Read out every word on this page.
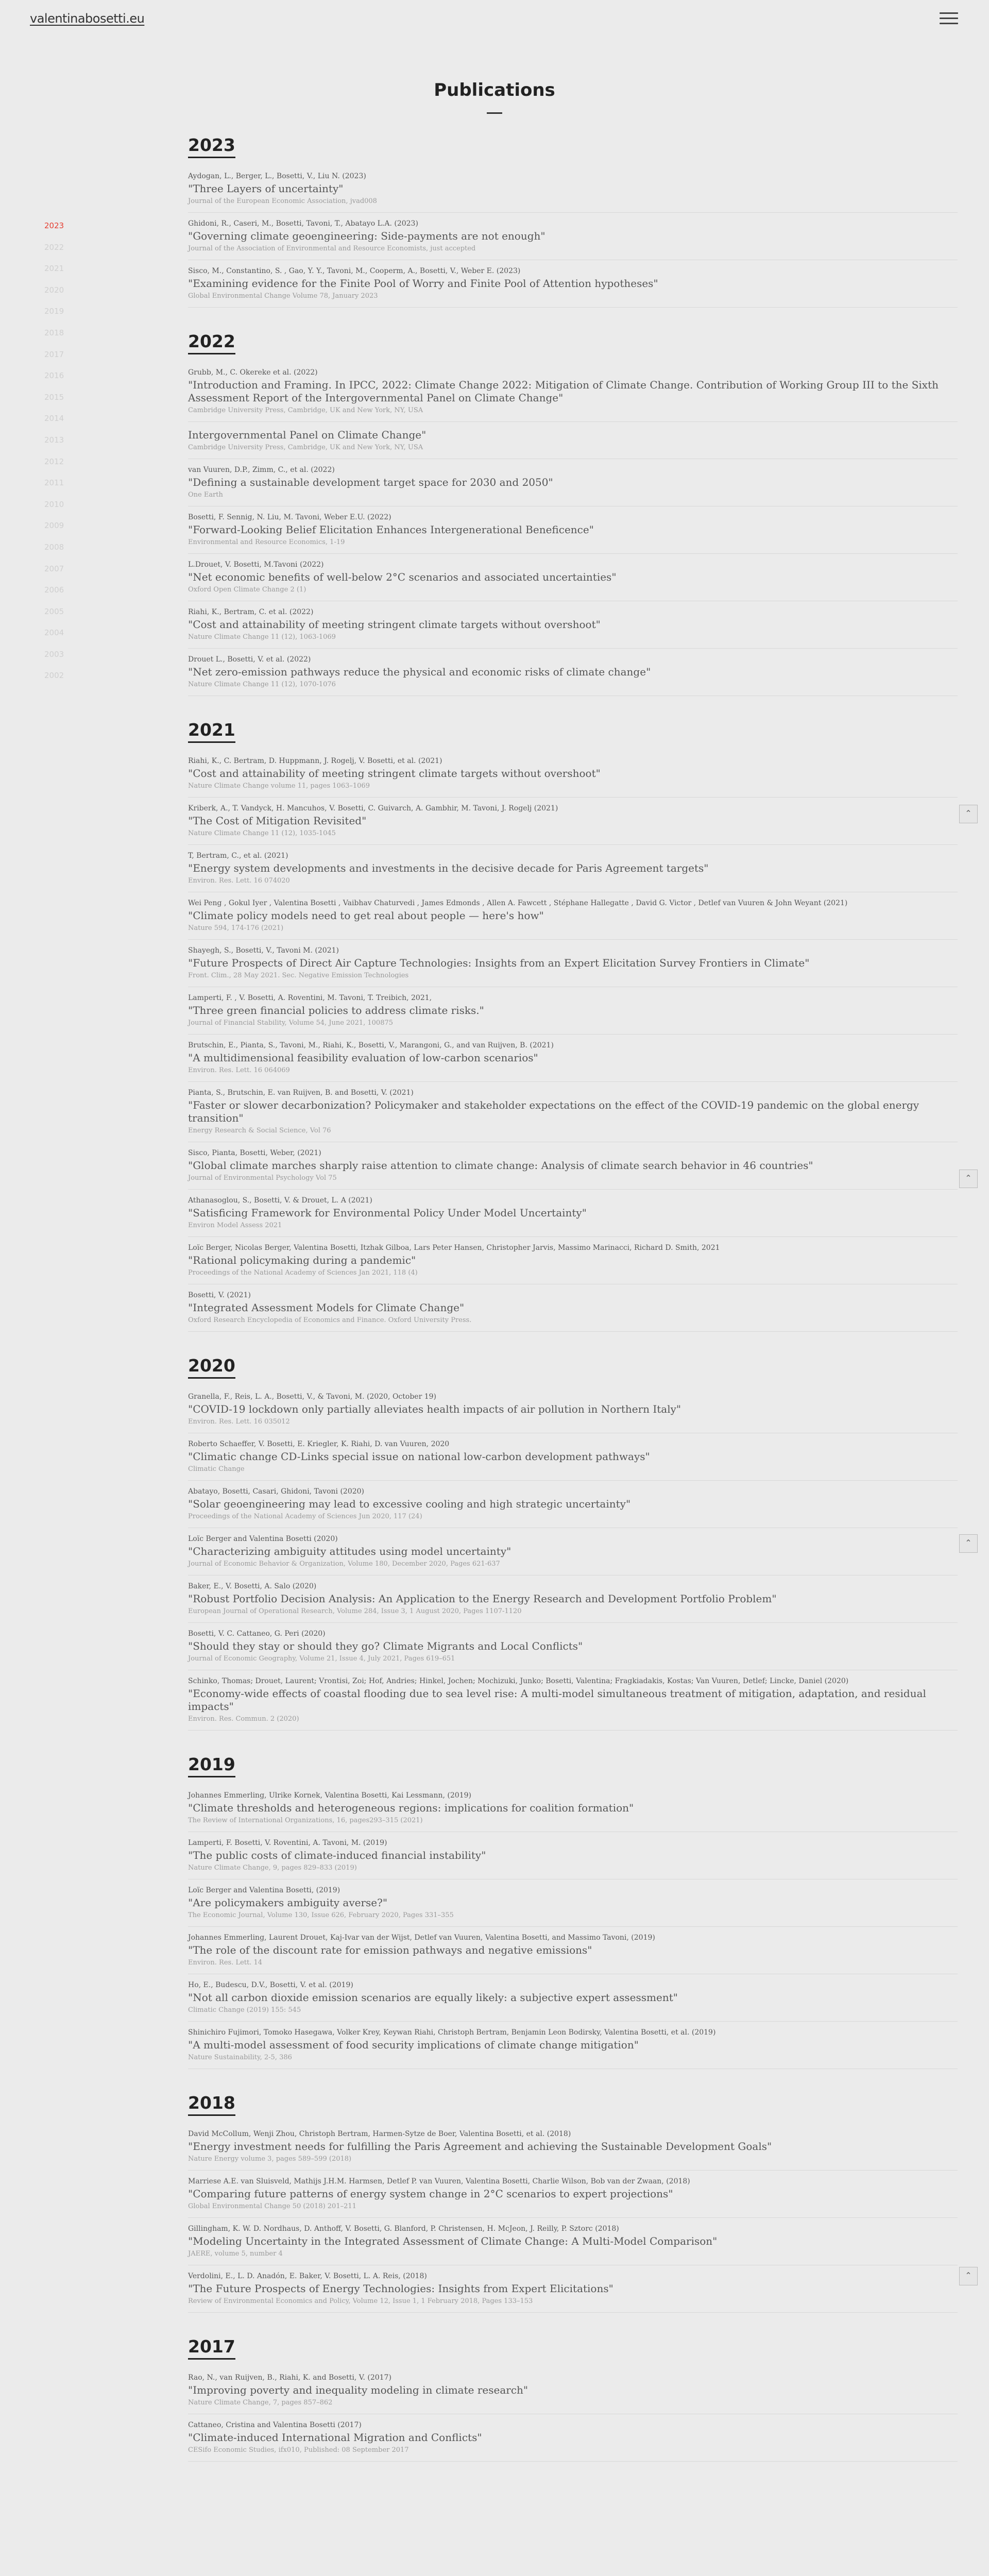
valentinabosetti.eu
Publications
2023
2022
2021
2020
2019
2018
2017
2016
2015
2014
2013
2012
2011
2010
2009
2008
2007
2006
2005
2004
2003
2002
2023
Aydogan, L., Berger, L., Bosetti, V., Liu N. (2023)
"Three Layers of uncertainty"
Journal of the European Economic Association, jvad008
Ghidoni, R., Caseri, M., Bosetti, Tavoni, T., Abatayo L.A. (2023)
"Governing climate geoengineering: Side-payments are not enough"
Journal of the Association of Environmental and Resource Economists, just accepted
Sisco, M., Constantino, S. , Gao, Y. Y., Tavoni, M., Cooperm, A., Bosetti, V., Weber E. (2023)
"Examining evidence for the Finite Pool of Worry and Finite Pool of Attention hypotheses"
Global Environmental Change Volume 78, January 2023
2022
Grubb, M., C. Okereke et al. (2022)
"Introduction and Framing. In IPCC, 2022: Climate Change 2022: Mitigation of Climate Change. Contribution of Working Group III to the Sixth Assessment Report of the Intergovernmental Panel on Climate Change"
Cambridge University Press, Cambridge, UK and New York, NY, USA
Intergovernmental Panel on Climate Change"
Cambridge University Press, Cambridge, UK and New York, NY, USA
van Vuuren, D.P., Zimm, C., et al. (2022)
"Defining a sustainable development target space for 2030 and 2050"
One Earth
Bosetti, F. Sennig, N. Liu, M. Tavoni, Weber E.U. (2022)
"Forward-Looking Belief Elicitation Enhances Intergenerational Beneficence"
Environmental and Resource Economics, 1-19
L.Drouet, V. Bosetti, M.Tavoni (2022)
"Net economic benefits of well-below 2°C scenarios and associated uncertainties"
Oxford Open Climate Change 2 (1)
Riahi, K., Bertram, C. et al. (2022)
"Cost and attainability of meeting stringent climate targets without overshoot"
Nature Climate Change 11 (12), 1063-1069
Drouet L., Bosetti, V. et al. (2022)
"Net zero-emission pathways reduce the physical and economic risks of climate change"
Nature Climate Change 11 (12), 1070-1076
2021
Riahi, K., C. Bertram, D. Huppmann, J. Rogelj, V. Bosetti, et al. (2021)
"Cost and attainability of meeting stringent climate targets without overshoot"
Nature Climate Change volume 11, pages 1063–1069
Kriberk, A., T. Vandyck, H. Mancuhos, V. Bosetti, C. Guivarch, A. Gambhir, M. Tavoni, J. Rogelj (2021)
"The Cost of Mitigation Revisited"
Nature Climate Change 11 (12), 1035-1045
T, Bertram, C., et al. (2021)
"Energy system developments and investments in the decisive decade for Paris Agreement targets"
Environ. Res. Lett. 16 074020
Wei Peng , Gokul Iyer , Valentina Bosetti , Vaibhav Chaturvedi , James Edmonds , Allen A. Fawcett , Stéphane Hallegatte , David G. Victor , Detlef van Vuuren & John Weyant (2021)
"Climate policy models need to get real about people — here's how"
Nature 594, 174-176 (2021)
Shayegh, S., Bosetti, V., Tavoni M. (2021)
"Future Prospects of Direct Air Capture Technologies: Insights from an Expert Elicitation Survey Frontiers in Climate"
Front. Clim., 28 May 2021. Sec. Negative Emission Technologies
Lamperti, F. , V. Bosetti, A. Roventini, M. Tavoni, T. Treibich, 2021,
"Three green financial policies to address climate risks."
Journal of Financial Stability, Volume 54, June 2021, 100875
Brutschin, E., Pianta, S., Tavoni, M., Riahi, K., Bosetti, V., Marangoni, G., and van Ruijven, B. (2021)
"A multidimensional feasibility evaluation of low-carbon scenarios"
Environ. Res. Lett. 16 064069
Pianta, S., Brutschin, E. van Ruijven, B. and Bosetti, V. (2021)
"Faster or slower decarbonization? Policymaker and stakeholder expectations on the effect of the COVID-19 pandemic on the global energy transition"
Energy Research & Social Science, Vol 76
Sisco, Pianta, Bosetti, Weber, (2021)
"Global climate marches sharply raise attention to climate change: Analysis of climate search behavior in 46 countries"
Journal of Environmental Psychology Vol 75
Athanasoglou, S., Bosetti, V. & Drouet, L. A (2021)
"Satisficing Framework for Environmental Policy Under Model Uncertainty"
Environ Model Assess 2021
Loïc Berger, Nicolas Berger, Valentina Bosetti, Itzhak Gilboa, Lars Peter Hansen, Christopher Jarvis, Massimo Marinacci, Richard D. Smith, 2021
"Rational policymaking during a pandemic"
Proceedings of the National Academy of Sciences Jan 2021, 118 (4)
Bosetti, V. (2021)
"Integrated Assessment Models for Climate Change"
Oxford Research Encyclopedia of Economics and Finance. Oxford University Press.
2020
Granella, F., Reis, L. A., Bosetti, V., & Tavoni, M. (2020, October 19)
"COVID-19 lockdown only partially alleviates health impacts of air pollution in Northern Italy"
Environ. Res. Lett. 16 035012
Roberto Schaeffer, V. Bosetti, E. Kriegler, K. Riahi, D. van Vuuren, 2020
"Climatic change CD-Links special issue on national low-carbon development pathways"
Climatic Change
Abatayo, Bosetti, Casari, Ghidoni, Tavoni (2020)
"Solar geoengineering may lead to excessive cooling and high strategic uncertainty"
Proceedings of the National Academy of Sciences Jun 2020, 117 (24)
Loïc Berger and Valentina Bosetti (2020)
"Characterizing ambiguity attitudes using model uncertainty"
Journal of Economic Behavior & Organization, Volume 180, December 2020, Pages 621-637
Baker, E., V. Bosetti, A. Salo (2020)
"Robust Portfolio Decision Analysis: An Application to the Energy Research and Development Portfolio Problem"
European Journal of Operational Research, Volume 284, Issue 3, 1 August 2020, Pages 1107-1120
Bosetti, V. C. Cattaneo, G. Peri (2020)
"Should they stay or should they go? Climate Migrants and Local Conflicts"
Journal of Economic Geography, Volume 21, Issue 4, July 2021, Pages 619–651
Schinko, Thomas; Drouet, Laurent; Vrontisi, Zoi; Hof, Andries; Hinkel, Jochen; Mochizuki, Junko; Bosetti, Valentina; Fragkiadakis, Kostas; Van Vuuren, Detlef; Lincke, Daniel (2020)
"Economy-wide effects of coastal flooding due to sea level rise: A multi-model simultaneous treatment of mitigation, adaptation, and residual impacts"
Environ. Res. Commun. 2 (2020)
2019
Johannes Emmerling, Ulrike Kornek, Valentina Bosetti, Kai Lessmann, (2019)
"Climate thresholds and heterogeneous regions: implications for coalition formation"
The Review of International Organizations, 16, pages293–315 (2021)
Lamperti, F. Bosetti, V. Roventini, A. Tavoni, M. (2019)
"The public costs of climate-induced financial instability"
Nature Climate Change, 9, pages 829–833 (2019)
Loïc Berger and Valentina Bosetti, (2019)
"Are policymakers ambiguity averse?"
The Economic Journal, Volume 130, Issue 626, February 2020, Pages 331–355
Johannes Emmerling, Laurent Drouet, Kaj-Ivar van der Wijst, Detlef van Vuuren, Valentina Bosetti, and Massimo Tavoni, (2019)
"The role of the discount rate for emission pathways and negative emissions"
Environ. Res. Lett. 14
Ho, E., Budescu, D.V., Bosetti, V. et al. (2019)
"Not all carbon dioxide emission scenarios are equally likely: a subjective expert assessment"
Climatic Change (2019) 155: 545
Shinichiro Fujimori, Tomoko Hasegawa, Volker Krey, Keywan Riahi, Christoph Bertram, Benjamin Leon Bodirsky, Valentina Bosetti, et al. (2019)
"A multi-model assessment of food security implications of climate change mitigation"
Nature Sustainability, 2-5, 386
2018
David McCollum, Wenji Zhou, Christoph Bertram, Harmen-Sytze de Boer, Valentina Bosetti, et al. (2018)
"Energy investment needs for fulfilling the Paris Agreement and achieving the Sustainable Development Goals"
Nature Energy volume 3, pages 589–599 (2018)
Marriese A.E. van Sluisveld, Mathijs J.H.M. Harmsen, Detlef P. van Vuuren, Valentina Bosetti, Charlie Wilson, Bob van der Zwaan, (2018)
"Comparing future patterns of energy system change in 2°C scenarios to expert projections"
Global Environmental Change 50 (2018) 201–211
Gillingham, K. W. D. Nordhaus, D. Anthoff, V. Bosetti, G. Blanford, P. Christensen, H. McJeon, J. Reilly, P. Sztorc (2018)
"Modeling Uncertainty in the Integrated Assessment of Climate Change: A Multi-Model Comparison"
JAERE, volume 5, number 4
Verdolini, E., L. D. Anadón, E. Baker, V. Bosetti, L. A. Reis, (2018)
"The Future Prospects of Energy Technologies: Insights from Expert Elicitations"
Review of Environmental Economics and Policy, Volume 12, Issue 1, 1 February 2018, Pages 133–153
2017
Rao, N., van Ruijven, B., Riahi, K. and Bosetti, V. (2017)
"Improving poverty and inequality modeling in climate research"
Nature Climate Change, 7, pages 857–862
Cattaneo, Cristina and Valentina Bosetti (2017)
"Climate-induced International Migration and Conflicts"
CESifo Economic Studies, ifx010, Published: 08 September 2017
⌃
⌃
⌃
⌃
